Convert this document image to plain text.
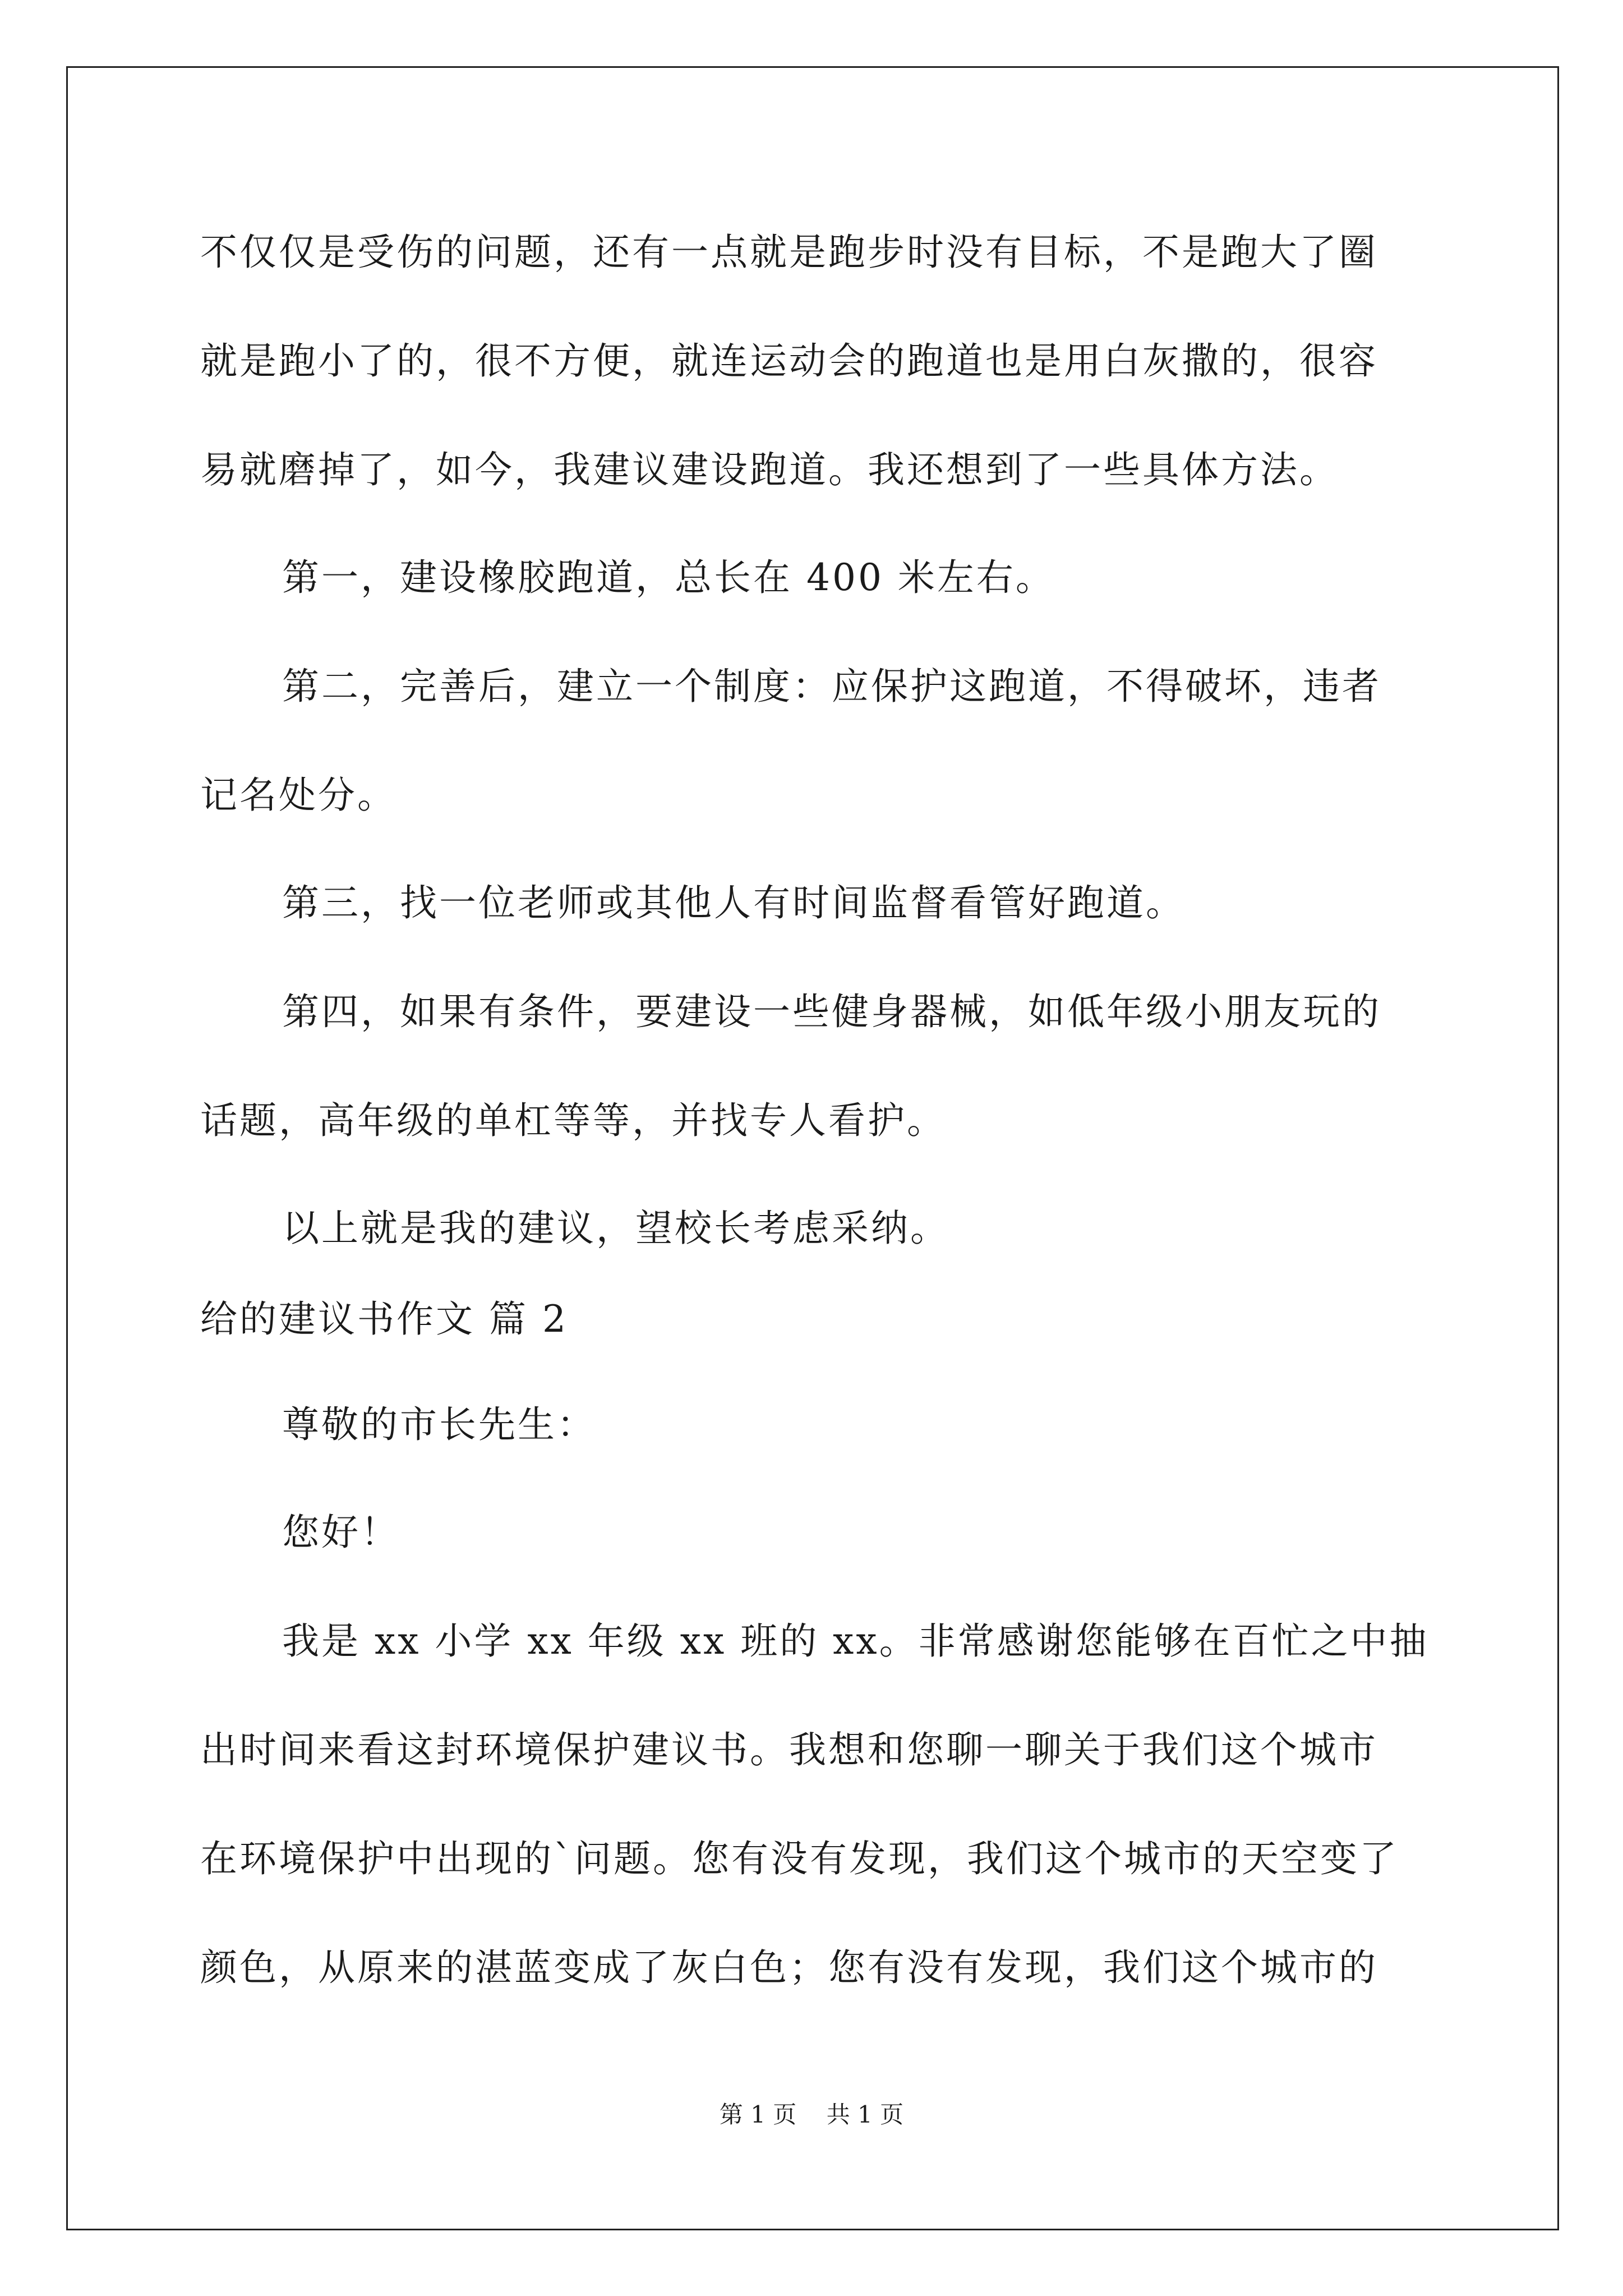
不仅仅是受伤的问题，还有一点就是跑步时没有目标，不是跑大了圈
就是跑小了的，很不方便，就连运动会的跑道也是用白灰撒的，很容
易就磨掉了，如今，我建议建设跑道。我还想到了一些具体方法。
第一，建设橡胶跑道，总长在 400 米左右。
第二，完善后，建立一个制度：应保护这跑道，不得破坏，违者
记名处分。
第三，找一位老师或其他人有时间监督看管好跑道。
第四，如果有条件，要建设一些健身器械，如低年级小朋友玩的
话题，高年级的单杠等等，并找专人看护。
以上就是我的建议，望校长考虑采纳。
给的建议书作文 篇 2
尊敬的市长先生：
您好！
我是 xx 小学 xx 年级 xx 班的 xx。非常感谢您能够在百忙之中抽
出时间来看这封环境保护建议书。我想和您聊一聊关于我们这个城市
在环境保护中出现的`问题。您有没有发现，我们这个城市的天空变了
颜色，从原来的湛蓝变成了灰白色；您有没有发现，我们这个城市的
第 1 页    共 1 页
